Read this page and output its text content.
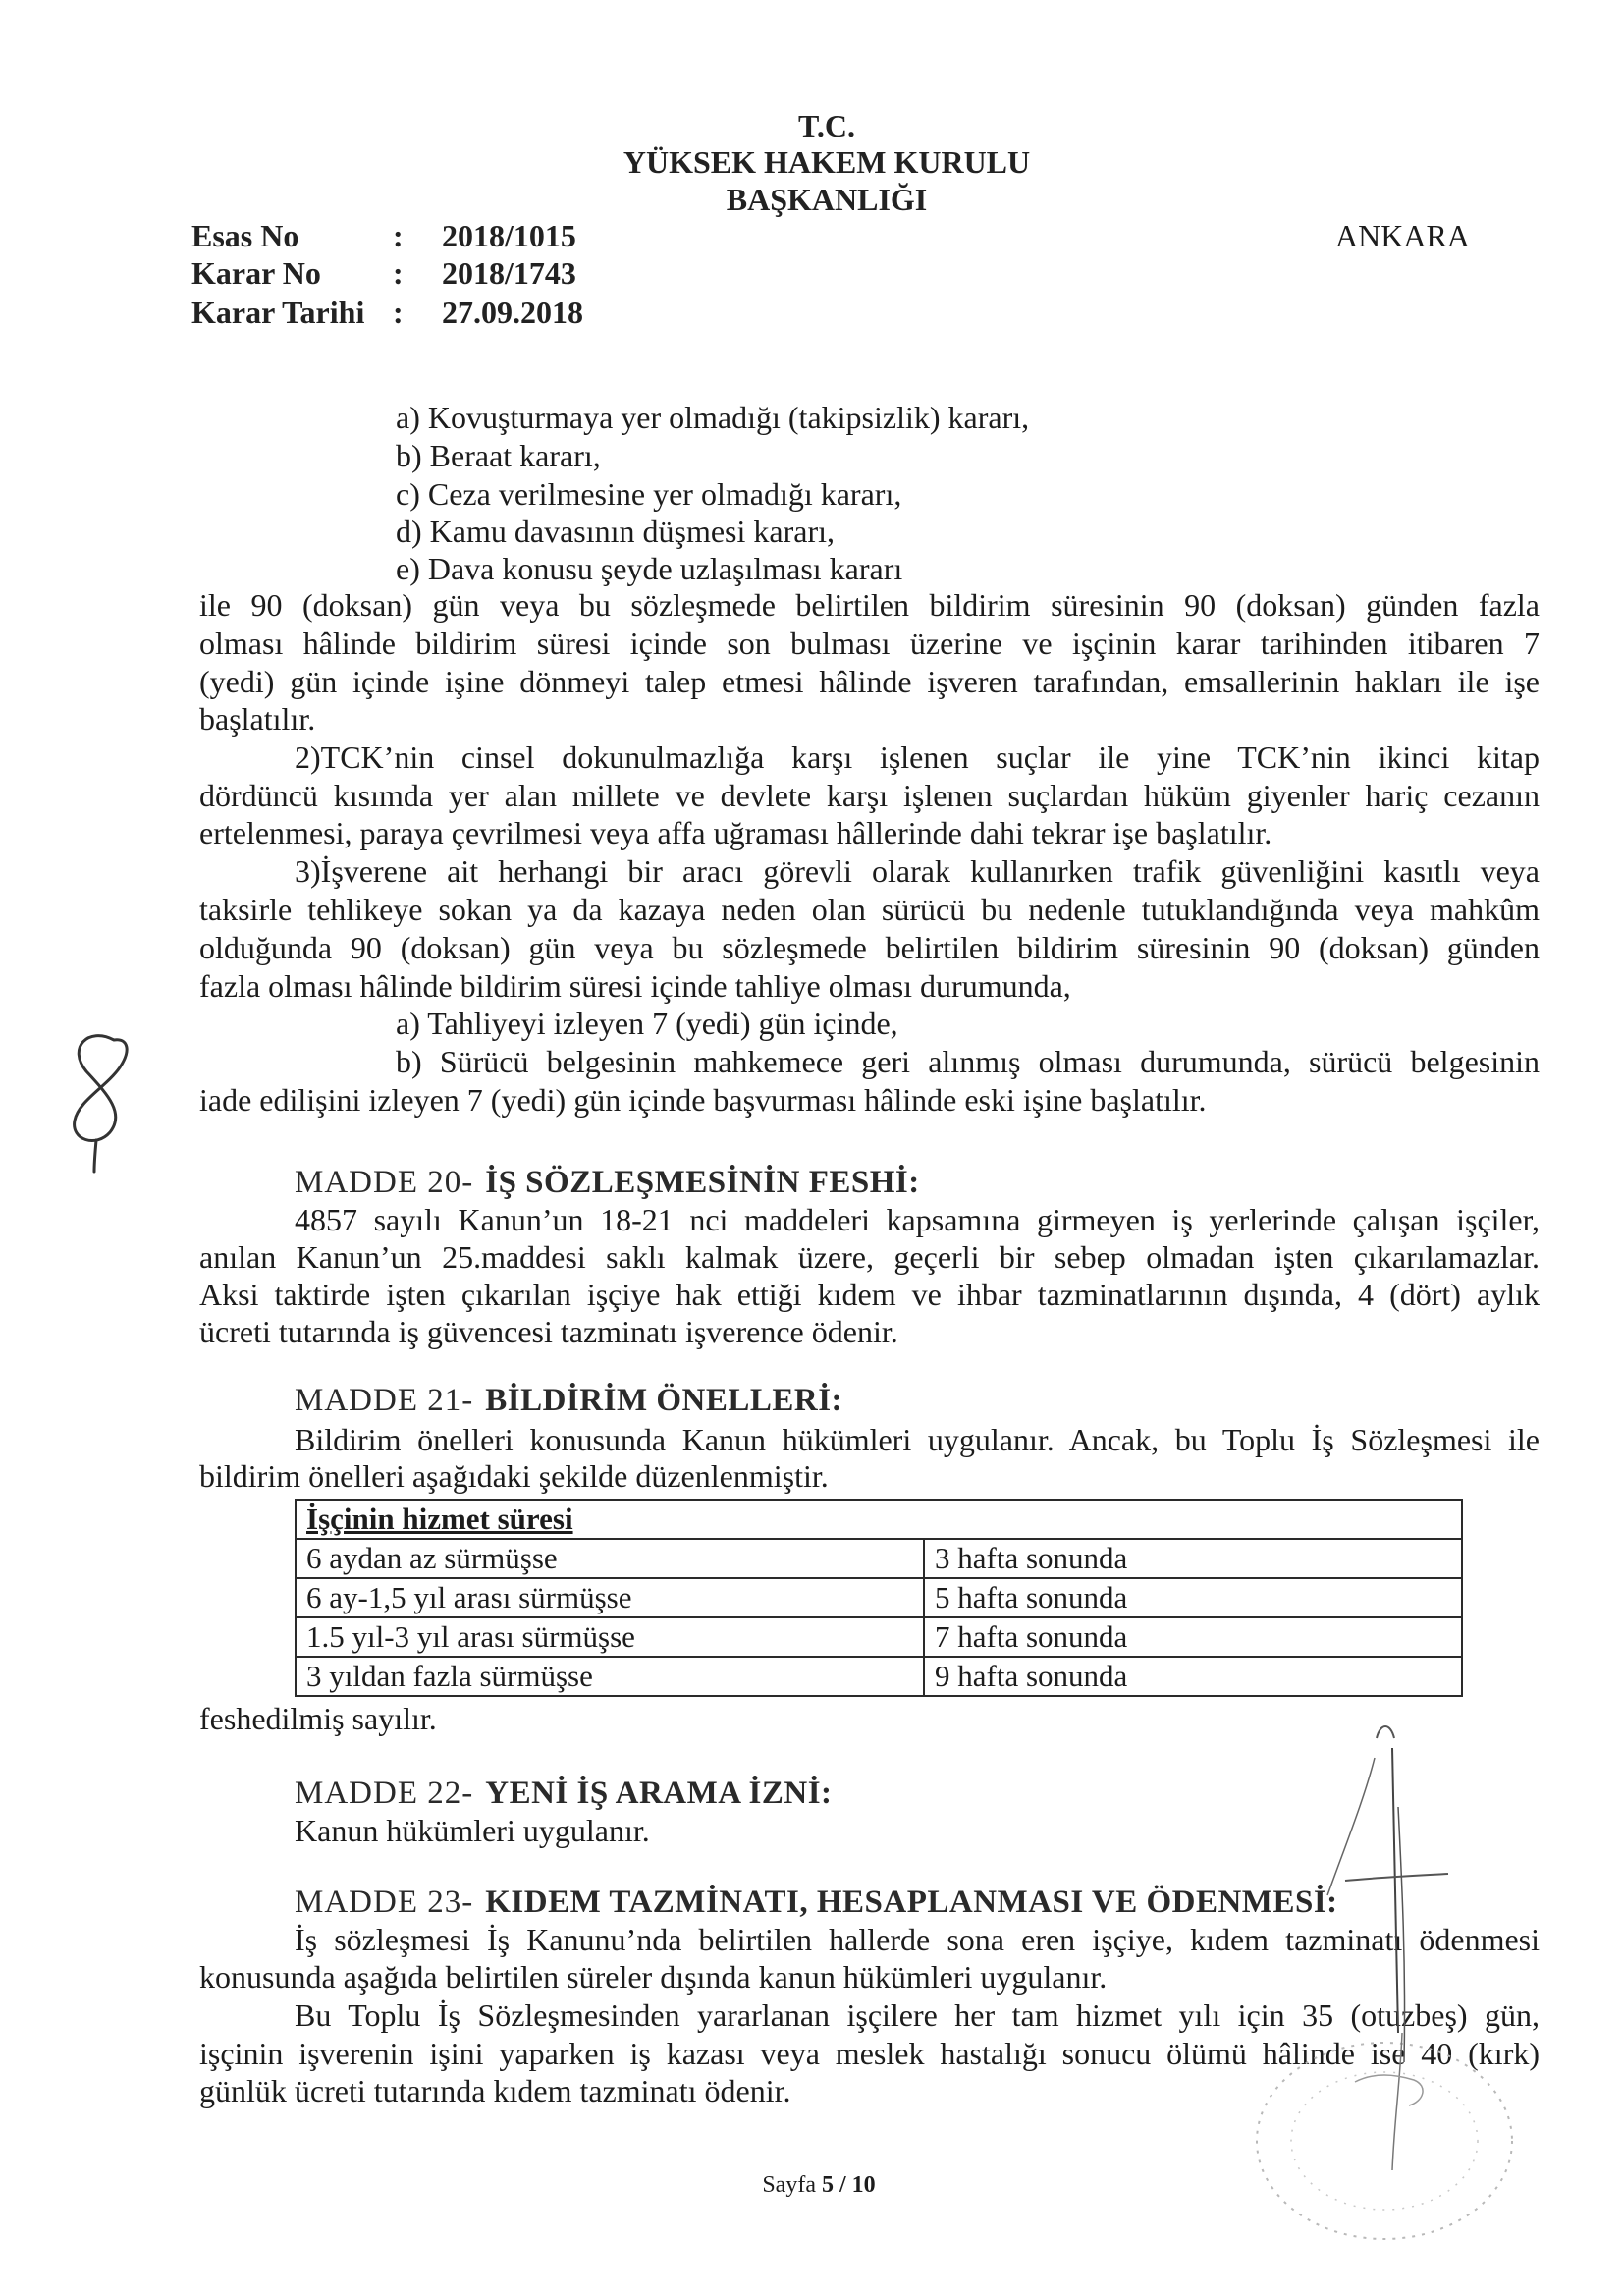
T.C.
YÜKSEK HAKEM KURULU
BAŞKANLIĞI
Esas No	: 2018/1015	ANKARA
Karar No : 2018/1743
Karar Tarihi : 27.09.2018
a) Kovuşturmaya yer olmadığı (takipsizlik) kararı,
b) Beraat kararı,
c) Ceza verilmesine yer olmadığı kararı,
d) Kamu davasının düşmesi kararı,
e) Dava konusu şeyde uzlaşılması kararı
ile 90 (doksan) gün veya bu sözleşmede belirtilen bildirim süresinin 90 (doksan) günden fazla
olması hâlinde bildirim süresi içinde son bulması üzerine ve işçinin karar tarihinden itibaren 7
(yedi) gün içinde işine dönmeyi talep etmesi hâlinde işveren tarafından, emsallerinin hakları ile işe
başlatılır.
2)TCK’nin cinsel dokunulmazlığa karşı işlenen suçlar ile yine TCK’nin ikinci kitap
dördüncü kısımda yer alan millete ve devlete karşı işlenen suçlardan hüküm giyenler hariç cezanın
ertelenmesi, paraya çevrilmesi veya affa uğraması hâllerinde dahi tekrar işe başlatılır.
3)İşverene ait herhangi bir aracı görevli olarak kullanırken trafik güvenliğini kasıtlı veya
taksirle tehlikeye sokan ya da kazaya neden olan sürücü bu nedenle tutuklandığında veya mahkûm
olduğunda 90 (doksan) gün veya bu sözleşmede belirtilen bildirim süresinin 90 (doksan) günden
fazla olması hâlinde bildirim süresi içinde tahliye olması durumunda,
a) Tahliyeyi izleyen 7 (yedi) gün içinde,
b) Sürücü belgesinin mahkemece geri alınmış olması durumunda, sürücü belgesinin
iade edilişini izleyen 7 (yedi) gün içinde başvurması hâlinde eski işine başlatılır.
MADDE 20- İŞ SÖZLEŞMESİNİN FESHİ:
4857 sayılı Kanun’un 18-21 nci maddeleri kapsamına girmeyen iş yerlerinde çalışan işçiler,
anılan Kanun’un 25.maddesi saklı kalmak üzere, geçerli bir sebep olmadan işten çıkarılamazlar.
Aksi taktirde işten çıkarılan işçiye hak ettiği kıdem ve ihbar tazminatlarının dışında, 4 (dört) aylık
ücreti tutarında iş güvencesi tazminatı işverence ödenir.
MADDE 21- BİLDİRİM ÖNELLERİ:
Bildirim önelleri konusunda Kanun hükümleri uygulanır. Ancak, bu Toplu İş Sözleşmesi ile
bildirim önelleri aşağıdaki şekilde düzenlenmiştir.
İşçinin hizmet süresi	
6 aydan az sürmüşse	3 hafta sonunda
6 ay-1,5 yıl arası sürmüşse	5 hafta sonunda
1.5 yıl-3 yıl arası sürmüşse	7 hafta sonunda
3 yıldan fazla sürmüşse	9 hafta sonunda
feshedilmiş sayılır.
MADDE 22- YENİ İŞ ARAMA İZNİ:
Kanun hükümleri uygulanır.
MADDE 23- KIDEM TAZMİNATI, HESAPLANMASI VE ÖDENMESİ:
İş sözleşmesi İş Kanunu’nda belirtilen hallerde sona eren işçiye, kıdem tazminatı ödenmesi
konusunda aşağıda belirtilen süreler dışında kanun hükümleri uygulanır.
Bu Toplu İş Sözleşmesinden yararlanan işçilere her tam hizmet yılı için 35 (otuzbeş) gün,
işçinin işverenin işini yaparken iş kazası veya meslek hastalığı sonucu ölümü hâlinde ise 40 (kırk)
günlük ücreti tutarında kıdem tazminatı ödenir.
Sayfa 5 / 10
